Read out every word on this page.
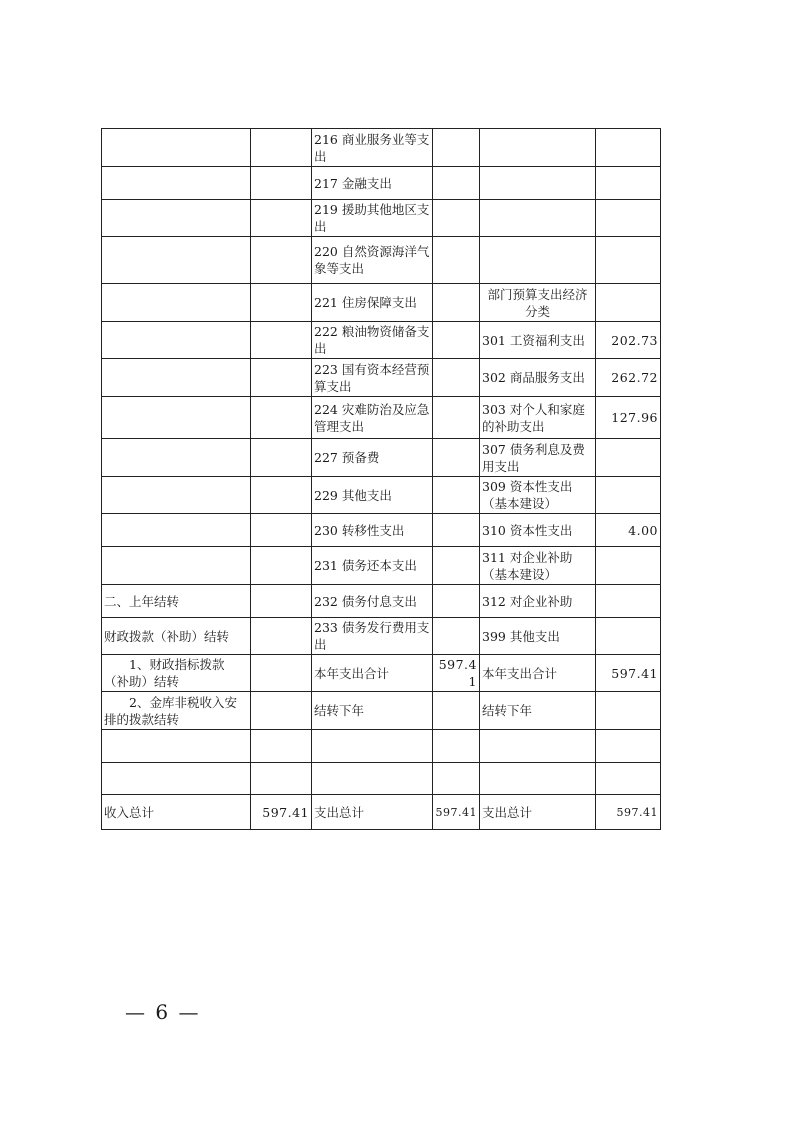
		216 商业服务业等支出			
		217 金融支出			
		219 援助其他地区支出			
		220 自然资源海洋气象等支出			
		221 住房保障支出		部门预算支出经济分类	
		222 粮油物资储备支出		301 工资福利支出	202.73
		223 国有资本经营预算支出		302 商品服务支出	262.72
		224 灾难防治及应急管理支出		303 对个人和家庭的补助支出	127.96
		227 预备费		307 债务利息及费用支出	
		229 其他支出		309 资本性支出（基本建设）	
		230 转移性支出		310 资本性支出	4.00
		231 债务还本支出		311 对企业补助（基本建设）	
二、上年结转		232 债务付息支出		312 对企业补助	
财政拨款（补助）结转		233 债务发行费用支出		399 其他支出	
1、财政指标拨款（补助）结转		本年支出合计	597.41	本年支出合计	597.41
2、金库非税收入安排的拨款结转		结转下年		结转下年	

收入总计	597.41	支出总计	597.41	支出总计	597.41
— 6 —
